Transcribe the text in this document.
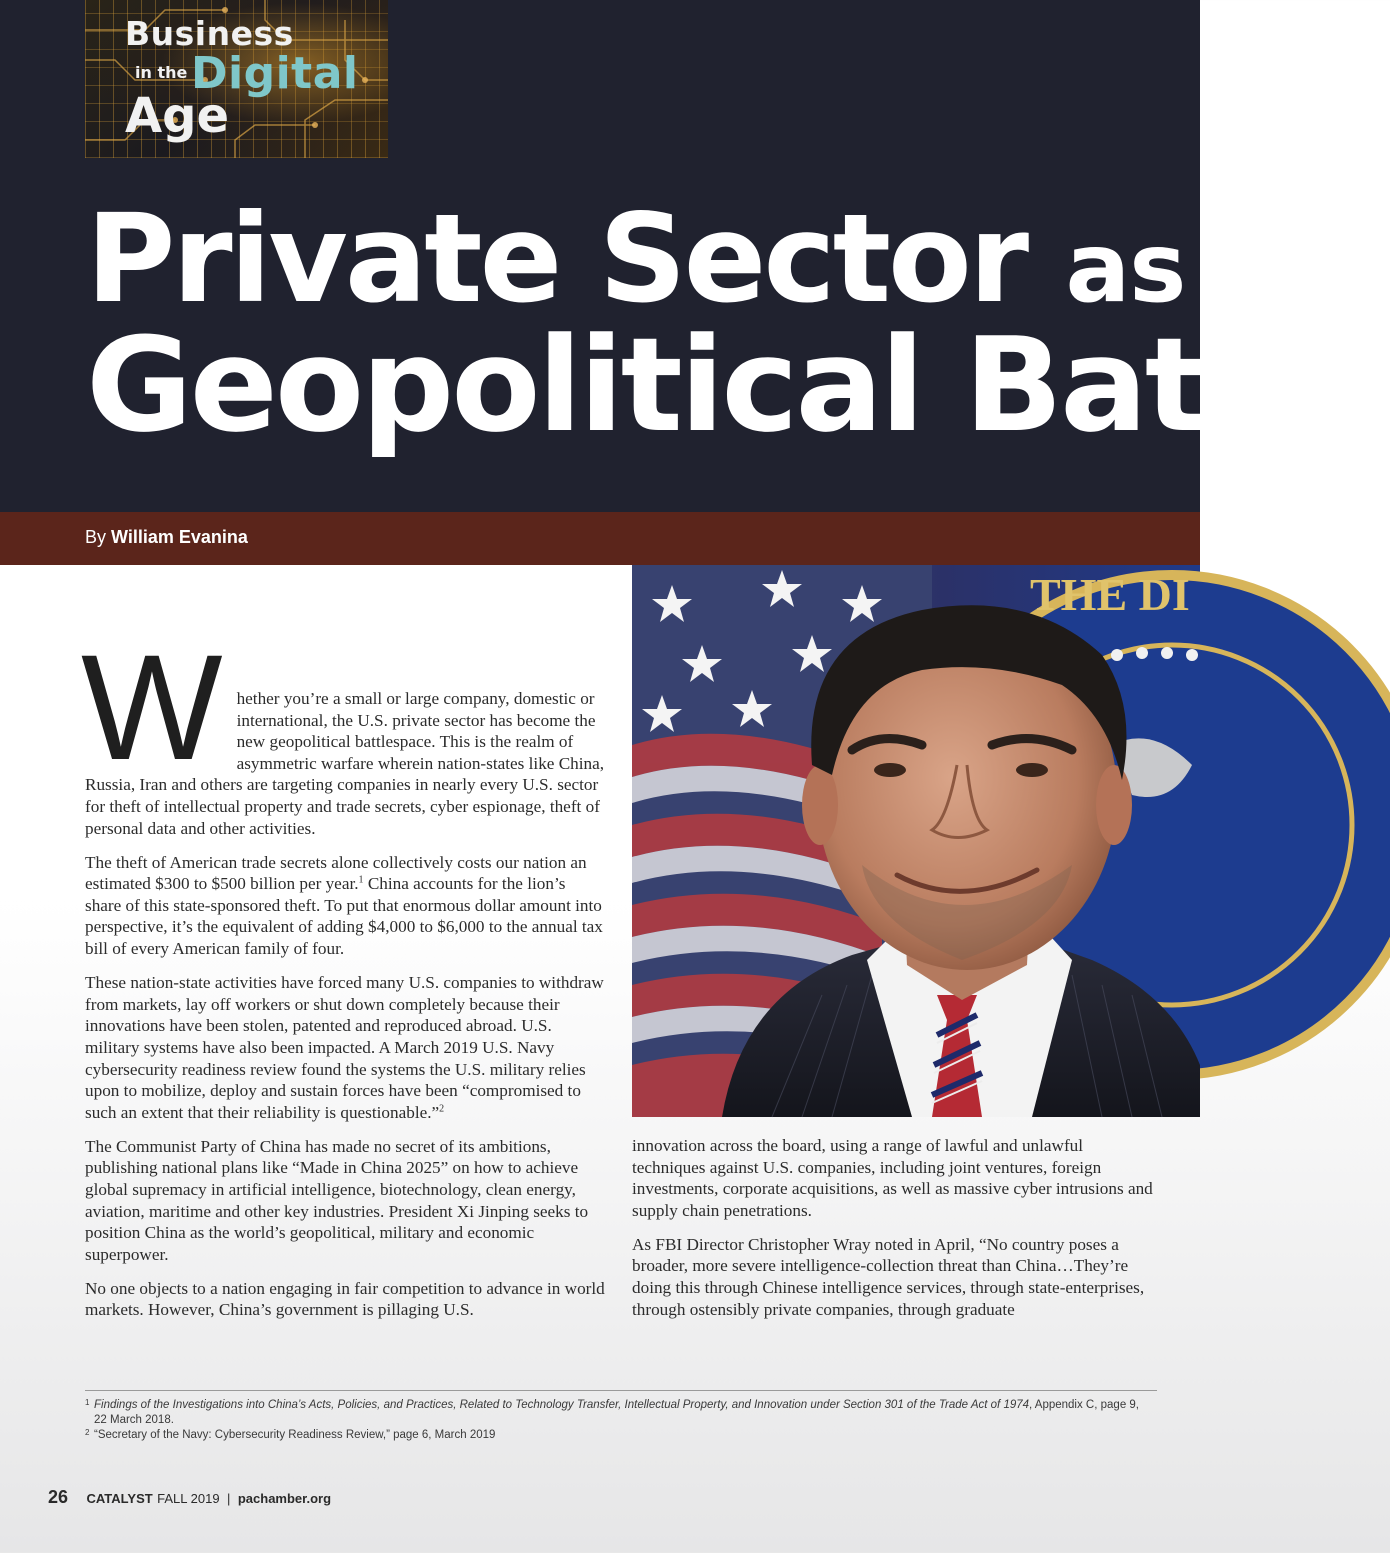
Business
in the Digital
Age
Private Sector as th
Geopolitical Battle
By William Evanina
THE DI

Whether you’re a small or large company, domestic or international, the U.S. private sector has become the new geopolitical battlespace. This is the realm of asymmetric warfare wherein nation-states like China, Russia, Iran and others are targeting companies in nearly every U.S. sector for theft of intellectual property and trade secrets, cyber espionage, theft of personal data and other activities.

The theft of American trade secrets alone collectively costs our nation an estimated $300 to $500 billion per year.$^1$ China accounts for the lion’s share of this state-sponsored theft. To put that enormous dollar amount into perspective, it’s the equivalent of adding $4,000 to $6,000 to the annual tax bill of every American family of four.

These nation-state activities have forced many U.S. companies to withdraw from markets, lay off workers or shut down completely because their innovations have been stolen, patented and reproduced abroad. U.S. military systems have also been impacted. A March 2019 U.S. Navy cybersecurity readiness review found the systems the U.S. military relies upon to mobilize, deploy and sustain forces have been “compromised to such an extent that their reliability is questionable.”$^2$

The Communist Party of China has made no secret of its ambitions, publishing national plans like “Made in China 2025” on how to achieve global supremacy in artificial intelligence, biotechnology, clean energy, aviation, maritime and other key industries. President Xi Jinping seeks to position China as the world’s geopolitical, military and economic superpower.

No one objects to a nation engaging in fair competition to advance in world markets. However, China’s government is pillaging U.S.

innovation across the board, using a range of lawful and unlawful techniques against U.S. companies, including joint ventures, foreign investments, corporate acquisitions, as well as massive cyber intrusions and supply chain penetrations.

As FBI Director Christopher Wray noted in April, “No country poses a broader, more severe intelligence-collection threat than China…They’re doing this through Chinese intelligence services, through state-enterprises, through ostensibly private companies, through graduate

1 Findings of the Investigations into China’s Acts, Policies, and Practices, Related to Technology Transfer, Intellectual Property, and Innovation under Section 301 of the Trade Act of 1974, Appendix C, page 9, 22 March 2018.
2 “Secretary of the Navy: Cybersecurity Readiness Review,” page 6, March 2019
26 CATALYST FALL 2019 | pachamber.org
